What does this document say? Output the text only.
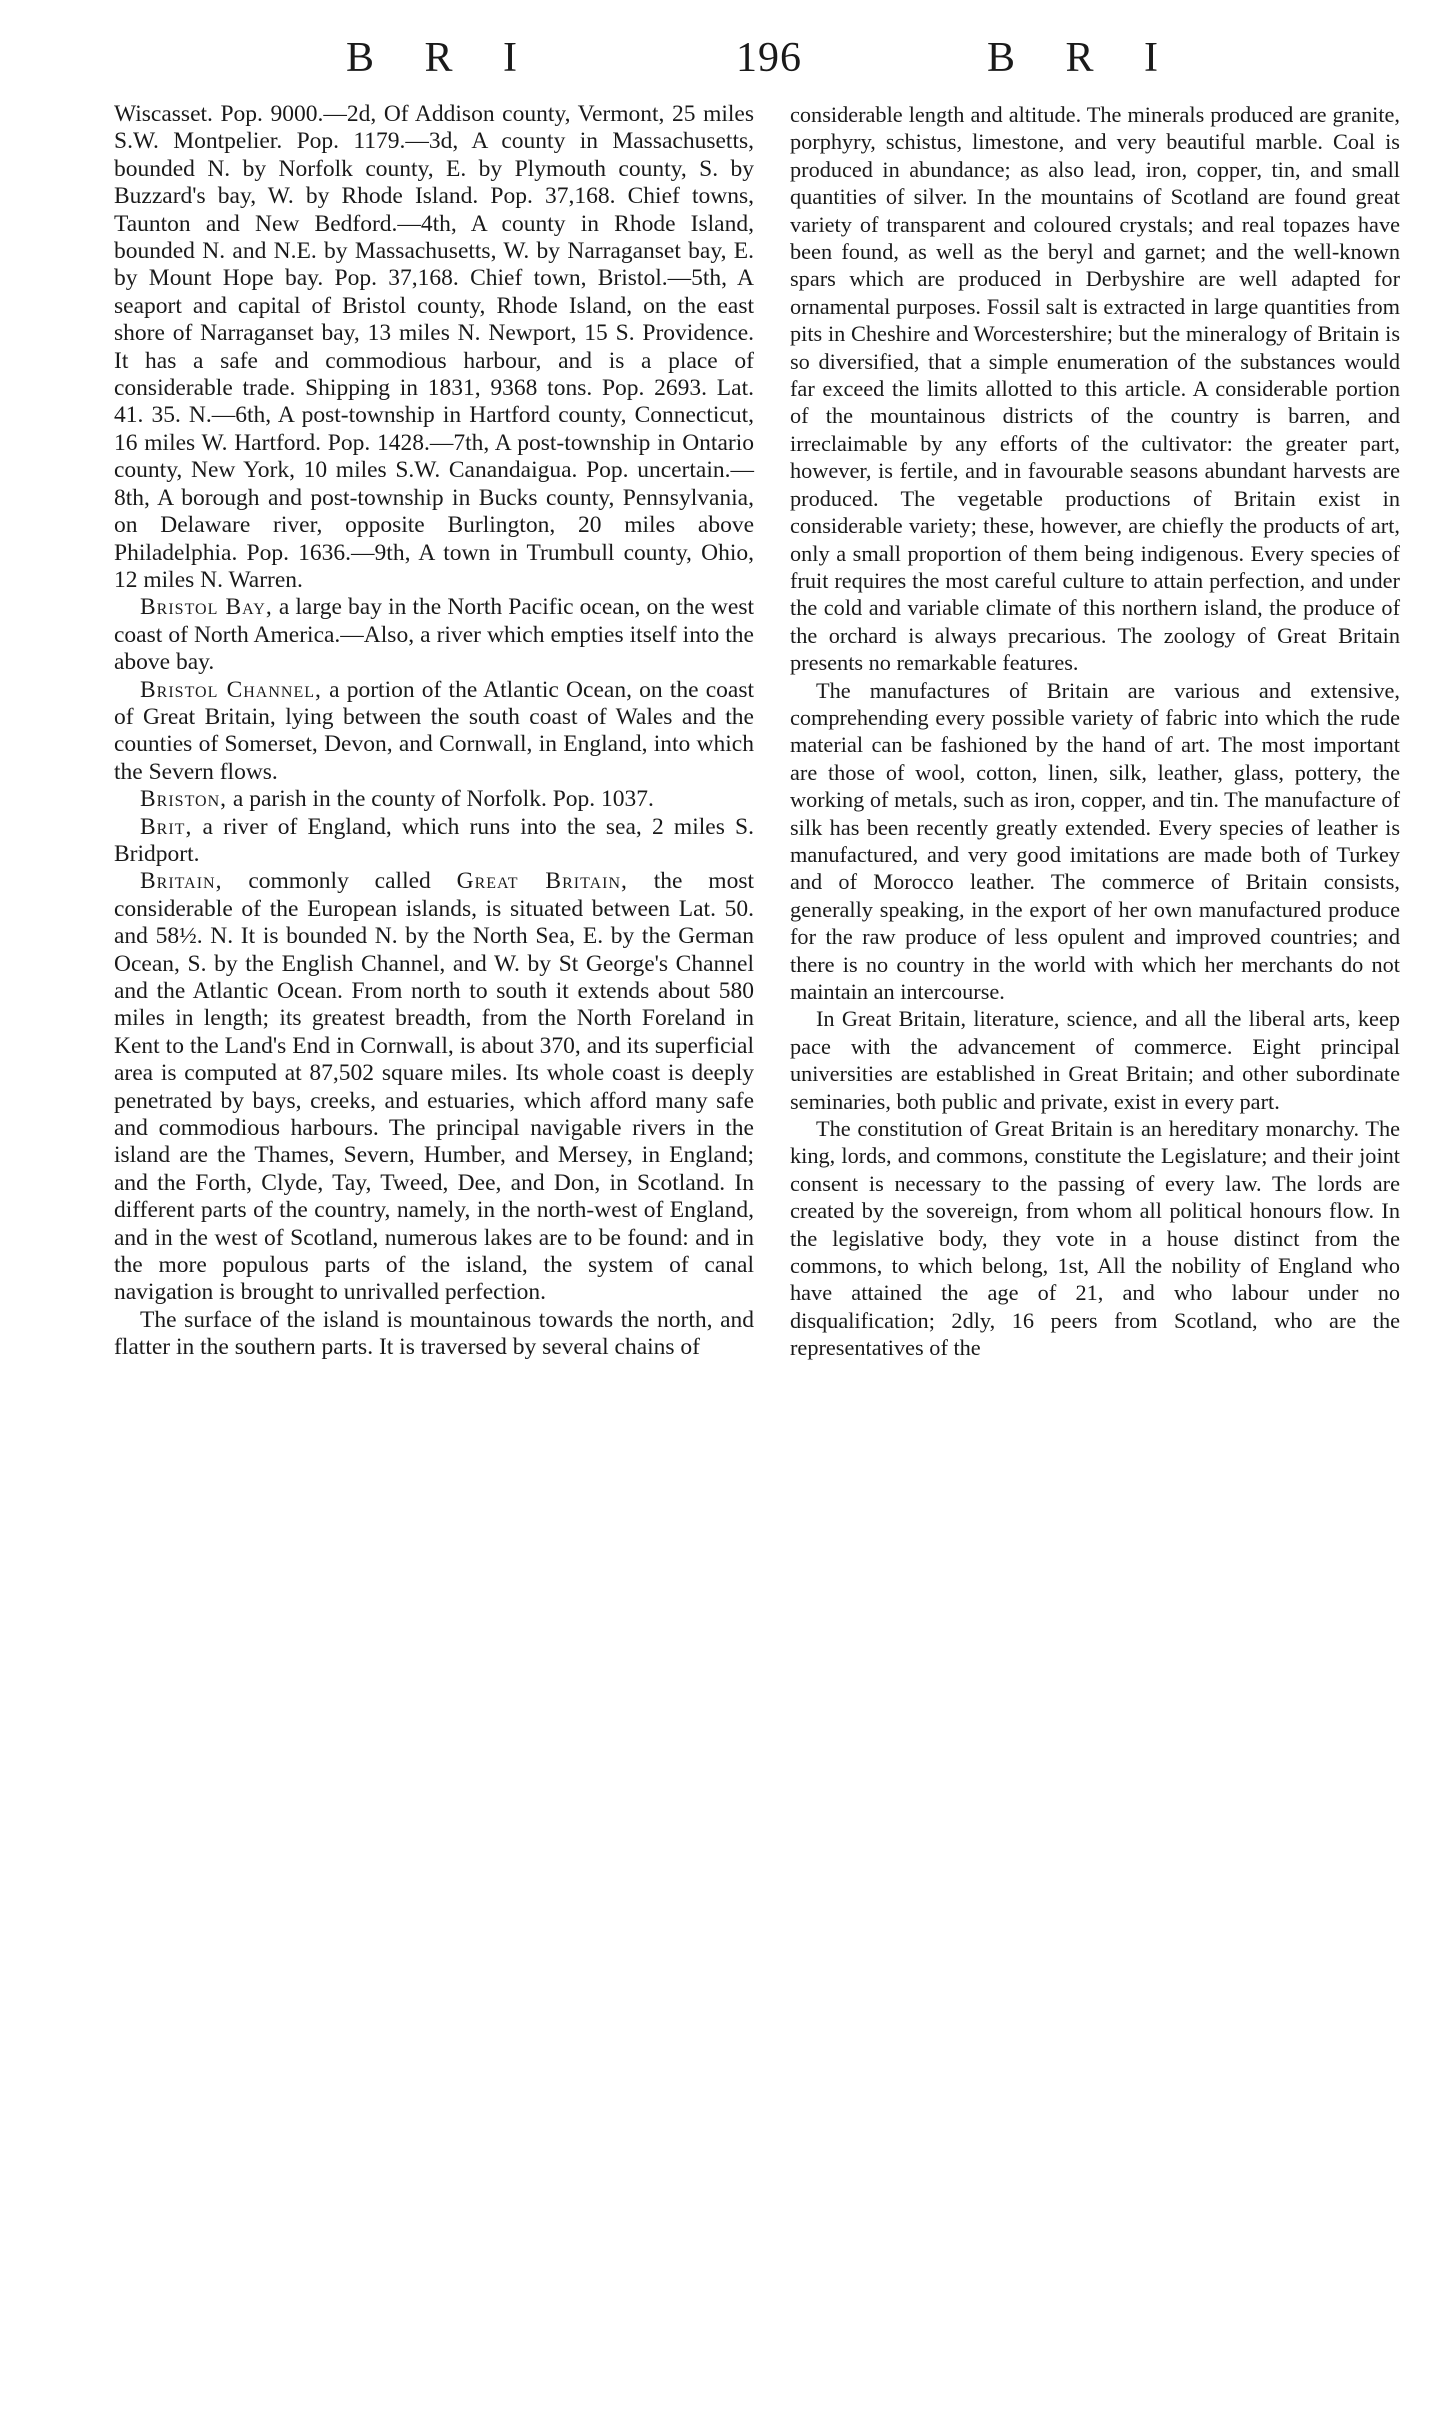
B R I	196	B R I

Wiscasset. Pop. 9000.—2d, Of Addison county, Vermont, 25 miles S.W. Montpelier. Pop. 1179.—3d, A county in Massachusetts, bounded N. by Norfolk county, E. by Plymouth county, S. by Buzzard's bay, W. by Rhode Island. Pop. 37,168. Chief towns, Taunton and New Bedford.—4th, A county in Rhode Island, bounded N. and N.E. by Massachusetts, W. by Narraganset bay, E. by Mount Hope bay. Pop. 37,168. Chief town, Bristol.—5th, A seaport and capital of Bristol county, Rhode Island, on the east shore of Narraganset bay, 13 miles N. Newport, 15 S. Providence. It has a safe and commodious harbour, and is a place of considerable trade. Shipping in 1831, 9368 tons. Pop. 2693. Lat. 41. 35. N.—6th, A post-township in Hartford county, Connecticut, 16 miles W. Hartford. Pop. 1428.—7th, A post-township in Ontario county, New York, 10 miles S.W. Canandaigua. Pop. uncertain.—8th, A borough and post-township in Bucks county, Pennsylvania, on Delaware river, opposite Burlington, 20 miles above Philadelphia. Pop. 1636.—9th, A town in Trumbull county, Ohio, 12 miles N. Warren.

Bristol Bay, a large bay in the North Pacific ocean, on the west coast of North America.—Also, a river which empties itself into the above bay.

Bristol Channel, a portion of the Atlantic Ocean, on the coast of Great Britain, lying between the south coast of Wales and the counties of Somerset, Devon, and Cornwall, in England, into which the Severn flows.

Briston, a parish in the county of Norfolk. Pop. 1037.

Brit, a river of England, which runs into the sea, 2 miles S. Bridport.

Britain, commonly called Great Britain, the most considerable of the European islands, is situated between Lat. 50. and 58½. N. It is bounded N. by the North Sea, E. by the German Ocean, S. by the English Channel, and W. by St George's Channel and the Atlantic Ocean. From north to south it extends about 580 miles in length; its greatest breadth, from the North Foreland in Kent to the Land's End in Cornwall, is about 370, and its superficial area is computed at 87,502 square miles. Its whole coast is deeply penetrated by bays, creeks, and estuaries, which afford many safe and commodious harbours. The principal navigable rivers in the island are the Thames, Severn, Humber, and Mersey, in England; and the Forth, Clyde, Tay, Tweed, Dee, and Don, in Scotland. In different parts of the country, namely, in the north-west of England, and in the west of Scotland, numerous lakes are to be found: and in the more populous parts of the island, the system of canal navigation is brought to unrivalled perfection.

The surface of the island is mountainous towards the north, and flatter in the southern parts. It is traversed by several chains of

considerable length and altitude. The minerals produced are granite, porphyry, schistus, limestone, and very beautiful marble. Coal is produced in abundance; as also lead, iron, copper, tin, and small quantities of silver. In the mountains of Scotland are found great variety of transparent and coloured crystals; and real topazes have been found, as well as the beryl and garnet; and the well-known spars which are produced in Derbyshire are well adapted for ornamental purposes. Fossil salt is extracted in large quantities from pits in Cheshire and Worcestershire; but the mineralogy of Britain is so diversified, that a simple enumeration of the substances would far exceed the limits allotted to this article. A considerable portion of the mountainous districts of the country is barren, and irreclaimable by any efforts of the cultivator: the greater part, however, is fertile, and in favourable seasons abundant harvests are produced. The vegetable productions of Britain exist in considerable variety; these, however, are chiefly the products of art, only a small proportion of them being indigenous. Every species of fruit requires the most careful culture to attain perfection, and under the cold and variable climate of this northern island, the produce of the orchard is always precarious. The zoology of Great Britain presents no remarkable features.

The manufactures of Britain are various and extensive, comprehending every possible variety of fabric into which the rude material can be fashioned by the hand of art. The most important are those of wool, cotton, linen, silk, leather, glass, pottery, the working of metals, such as iron, copper, and tin. The manufacture of silk has been recently greatly extended. Every species of leather is manufactured, and very good imitations are made both of Turkey and of Morocco leather. The commerce of Britain consists, generally speaking, in the export of her own manufactured produce for the raw produce of less opulent and improved countries; and there is no country in the world with which her merchants do not maintain an intercourse.

In Great Britain, literature, science, and all the liberal arts, keep pace with the advancement of commerce. Eight principal universities are established in Great Britain; and other subordinate seminaries, both public and private, exist in every part.

The constitution of Great Britain is an hereditary monarchy. The king, lords, and commons, constitute the Legislature; and their joint consent is necessary to the passing of every law. The lords are created by the sovereign, from whom all political honours flow. In the legislative body, they vote in a house distinct from the commons, to which belong, 1st, All the nobility of England who have attained the age of 21, and who labour under no disqualification; 2dly, 16 peers from Scotland, who are the representatives of the
